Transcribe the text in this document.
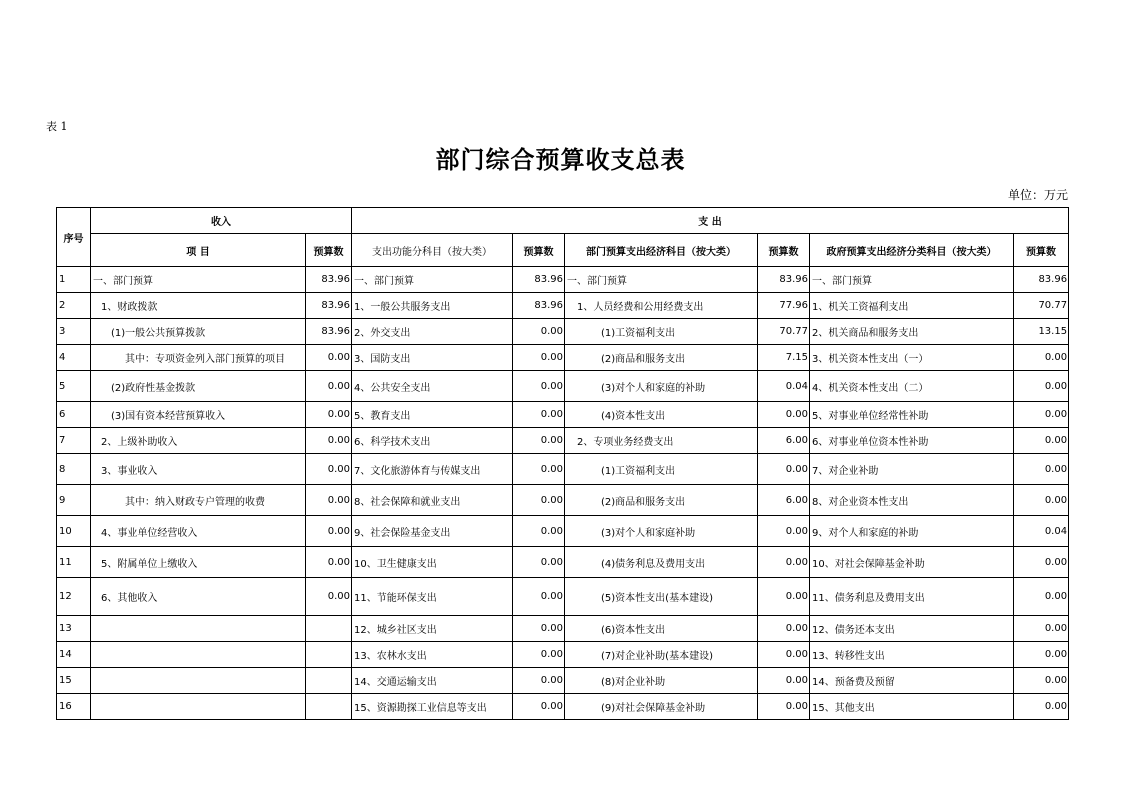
表 1
部门综合预算收支总表
单位：万元
序号	收入		支 出					
	项 目	预算数	支出功能分科目（按大类）	预算数	部门预算支出经济科目（按大类）	预算数	政府预算支出经济分类科目（按大类）	预算数
1	一、部门预算	83.96	一、部门预算	83.96	一、部门预算	83.96	一、部门预算	83.96
2	1、财政拨款	83.96	1、一般公共服务支出	83.96	1、人员经费和公用经费支出	77.96	1、机关工资福利支出	70.77
3	(1)一般公共预算拨款	83.96	2、外交支出	0.00	(1)工资福利支出	70.77	2、机关商品和服务支出	13.15
4	其中：专项资金列入部门预算的项目	0.00	3、国防支出	0.00	(2)商品和服务支出	7.15	3、机关资本性支出（一）	0.00
5	(2)政府性基金拨款	0.00	4、公共安全支出	0.00	(3)对个人和家庭的补助	0.04	4、机关资本性支出（二）	0.00
6	(3)国有资本经营预算收入	0.00	5、教育支出	0.00	(4)资本性支出	0.00	5、对事业单位经常性补助	0.00
7	2、上级补助收入	0.00	6、科学技术支出	0.00	2、专项业务经费支出	6.00	6、对事业单位资本性补助	0.00
8	3、事业收入	0.00	7、文化旅游体育与传媒支出	0.00	(1)工资福利支出	0.00	7、对企业补助	0.00
9	其中：纳入财政专户管理的收费	0.00	8、社会保障和就业支出	0.00	(2)商品和服务支出	6.00	8、对企业资本性支出	0.00
10	4、事业单位经营收入	0.00	9、社会保险基金支出	0.00	(3)对个人和家庭补助	0.00	9、对个人和家庭的补助	0.04
11	5、附属单位上缴收入	0.00	10、卫生健康支出	0.00	(4)债务利息及费用支出	0.00	10、对社会保障基金补助	0.00
12	6、其他收入	0.00	11、节能环保支出	0.00	(5)资本性支出(基本建设)	0.00	11、债务利息及费用支出	0.00
13			12、城乡社区支出	0.00	(6)资本性支出	0.00	12、债务还本支出	0.00
14			13、农林水支出	0.00	(7)对企业补助(基本建设)	0.00	13、转移性支出	0.00
15			14、交通运输支出	0.00	(8)对企业补助	0.00	14、预备费及预留	0.00
16			15、资源勘探工业信息等支出	0.00	(9)对社会保障基金补助	0.00	15、其他支出	0.00
